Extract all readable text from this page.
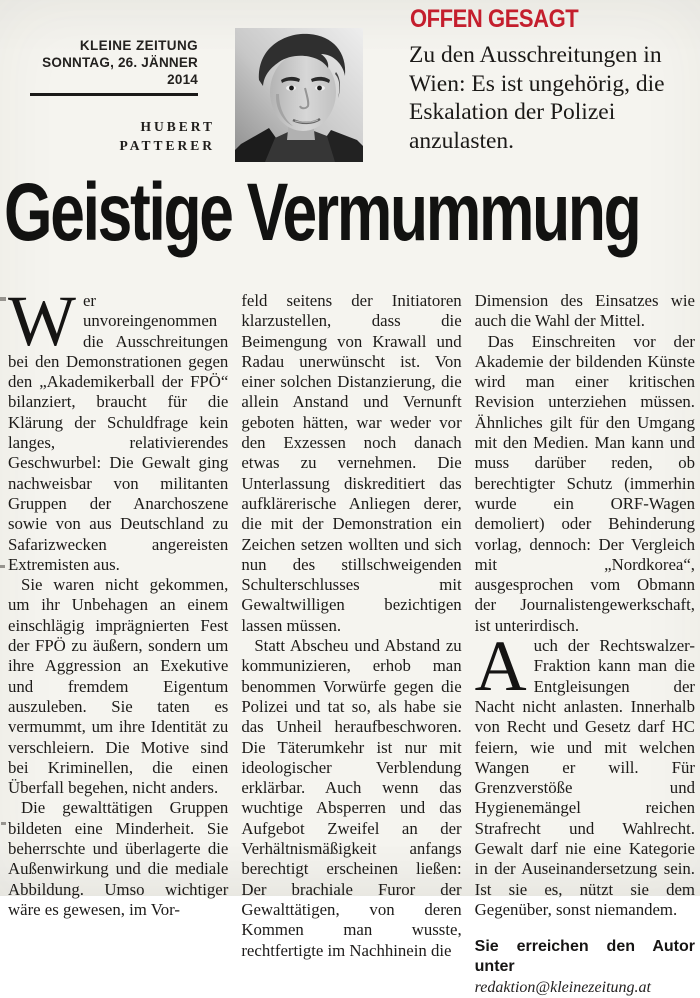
KLEINE ZEITUNG
SONNTAG, 26. JÄNNER 2014
HUBERT
PATTERER
OFFEN GESAGT

Zu den Ausschreitungen in Wien: Es ist ungehörig, die Eskalation der Polizei anzulasten.

Geistige Vermummung

Wer unvoreingenommen die Ausschreitungen bei den Demonstrationen gegen den „Akademikerball der FPÖ“ bilanziert, braucht für die Klärung der Schuldfrage kein langes, relativierendes Geschwurbel: Die Gewalt ging nachweisbar von militanten Gruppen der Anarchoszene sowie von aus Deutschland zu Safarizwecken angereisten Extremisten aus.

Sie waren nicht gekommen, um ihr Unbehagen an einem einschlägig imprägnierten Fest der FPÖ zu äußern, sondern um ihre Aggression an Exekutive und fremdem Eigentum auszuleben. Sie taten es vermummt, um ihre Identität zu verschleiern. Die Motive sind bei Kriminellen, die einen Überfall begehen, nicht anders.

Die gewalttätigen Gruppen bildeten eine Minderheit. Sie beherrschte und überlagerte die Außenwirkung und die mediale Abbildung. Umso wichtiger wäre es gewesen, im Vor-

feld seitens der Initiatoren klarzustellen, dass die Beimengung von Krawall und Radau unerwünscht ist. Von einer solchen Distanzierung, die allein Anstand und Vernunft geboten hätten, war weder vor den Exzessen noch danach etwas zu vernehmen. Die Unterlassung diskreditiert das aufklärerische Anliegen derer, die mit der Demonstration ein Zeichen setzen wollten und sich nun des stillschweigenden Schulterschlusses mit Gewaltwilligen bezichtigen lassen müssen.

Statt Abscheu und Abstand zu kommunizieren, erhob man benommen Vorwürfe gegen die Polizei und tat so, als habe sie das Unheil heraufbeschworen. Die Täterumkehr ist nur mit ideologischer Verblendung erklärbar. Auch wenn das wuchtige Absperren und das Aufgebot Zweifel an der Verhältnismäßigkeit anfangs berechtigt erscheinen ließen: Der brachiale Furor der Gewalttätigen, von deren Kommen man wusste, rechtfertigte im Nachhinein die

Dimension des Einsatzes wie auch die Wahl der Mittel.

Das Einschreiten vor der Akademie der bildenden Künste wird man einer kritischen Revision unterziehen müssen. Ähnliches gilt für den Umgang mit den Medien. Man kann und muss darüber reden, ob berechtigter Schutz (immerhin wurde ein ORF-Wagen demoliert) oder Behinderung vorlag, dennoch: Der Vergleich mit „Nordkorea“, ausgesprochen vom Obmann der Journalistengewerkschaft, ist unterirdisch.

Auch der Rechtswalzer-Fraktion kann man die Entgleisungen der Nacht nicht anlasten. Innerhalb von Recht und Gesetz darf HC feiern, wie und mit welchen Wangen er will. Für Grenzverstöße und Hygienemängel reichen Strafrecht und Wahlrecht. Gewalt darf nie eine Kategorie in der Auseinandersetzung sein. Ist sie es, nützt sie dem Gegenüber, sonst niemandem.

Sie erreichen den Autor unter
redaktion@kleinezeitung.at
